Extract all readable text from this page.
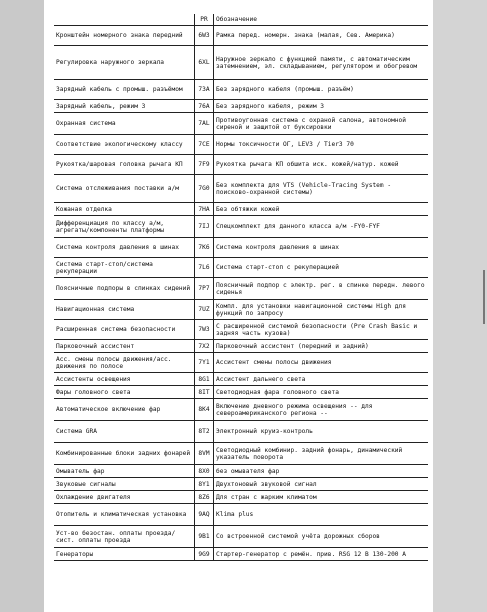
	PR	Обозначение
Кронштейн номерного знака передний	6W3	Рамка перед. номерн. знака (малая, Сев. Америка)
Регулировка наружного зеркала	6XL	Наружное зеркало с функцией памяти, с автоматическим затемнением, эл. складыванием, регулятором и обогревом
Зарядный кабель с промыш. разъёмом	73A	Без зарядного кабеля (промыш. разъём)
Зарядный кабель, режим 3	76A	Без зарядного кабеля, режим 3
Охранная система	7AL	Противоугонная система с охраной салона, автономной сиреной и защитой от буксировки
Соответствие экологическому классу	7CE	Нормы токсичности ОГ, LEV3 / Tier3 70
Рукоятка/шаровая головка рычага КП	7F9	Рукоятка рычага КП обшита иск. кожей/натур. кожей
Система отслеживания поставки а/м	7G0	Без комплекта для VTS (Vehicle-Tracing System - поисково-охранной системы)
Кожаная отделка	7HA	Без обтяжки кожей
Дифференциация по классу а/м, агрегаты/компоненты платформы	7IJ	Спецкомплект для данного класса а/м -FY0-FYF
Система контроля давления в шинах	7K6	Система контроля давления в шинах
Система старт-стоп/система рекуперации	7L6	Система старт-стоп с рекуперацией
Поясничные подпоры в спинках сидений	7P7	Поясничный подпор с электр. рег. в спинке передн. левого сиденья
Навигационная система	7UZ	Компл. для установки навигационной системы High для функций по запросу
Расширенная система безопасности	7W3	С расширенной системой безопасности (Pre Crash Basic и задняя часть кузова)
Парковочный ассистент	7X2	Парковочный ассистент (передний и задний)
Асс. смены полосы движения/асс. движения по полосе	7Y1	Ассистент смены полосы движения
Ассистенты освещения	8G1	Ассистент дальнего света
Фары головного света	8IT	Светодиодная фара головного света
Автоматическое включение фар	8K4	Включение дневного режима освещения -- для североамериканского региона --
Система GRA	8T2	Электронный круиз-контроль
Комбинированные блоки задних фонарей	8VM	Светодиодный комбинир. задний фонарь, динамический указатель поворота
Омыватель фар	8X0	без омывателя фар
Звуковые сигналы	8Y1	Двухтоновый звуковой сигнал
Охлаждение двигателя	8Z6	Для стран с жарким климатом
Отопитель и климатическая установка	9AQ	Klima plus
Уст-во безостан. оплаты проезда/сист. оплаты проезда	9B1	Со встроенной системой учёта дорожных сборов
Генераторы	9G9	Стартер-генератор с ремён. прив. RSG 12 В 130-200 А
